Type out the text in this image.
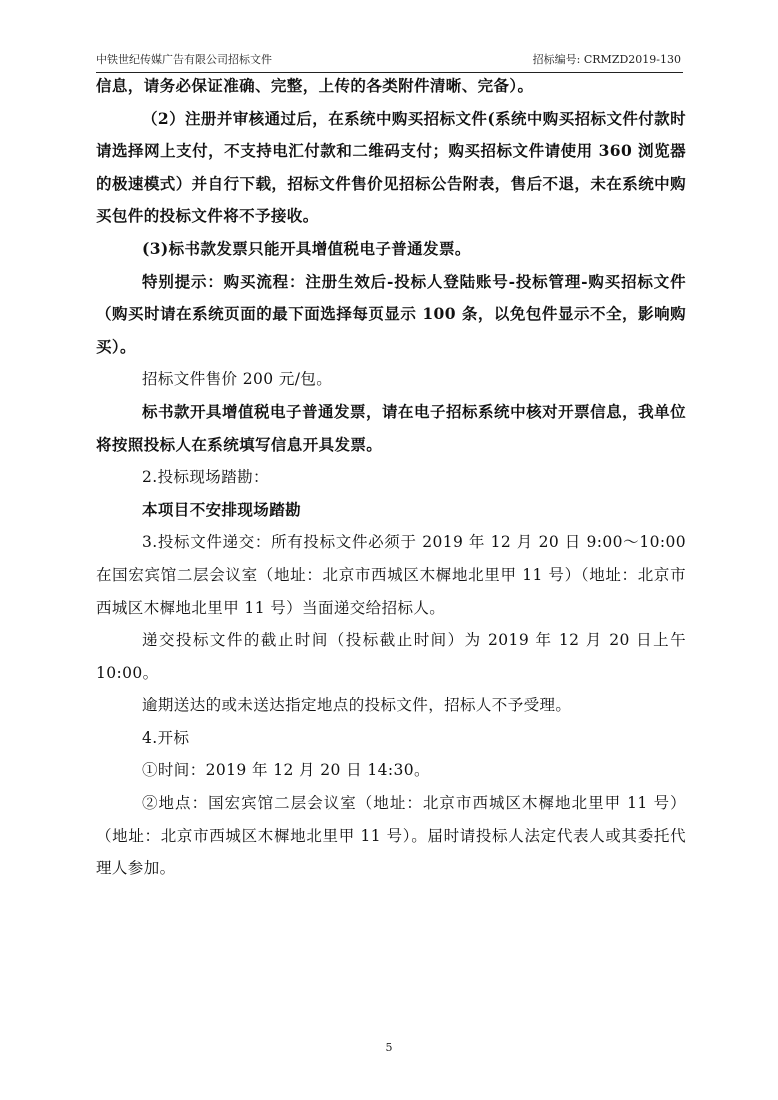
中铁世纪传媒广告有限公司招标文件	招标编号: CRMZD2019-130

信息，请务必保证准确、完整，上传的各类附件清晰、完备）。

（2）注册并审核通过后，在系统中购买招标文件(系统中购买招标文件付款时请选择网上支付，不支持电汇付款和二维码支付；购买招标文件请使用 360 浏览器的极速模式）并自行下载，招标文件售价见招标公告附表，售后不退，未在系统中购买包件的投标文件将不予接收。

(3)标书款发票只能开具增值税电子普通发票。

特别提示：购买流程：注册生效后-投标人登陆账号-投标管理-购买招标文件（购买时请在系统页面的最下面选择每页显示 100 条，以免包件显示不全，影响购买）。

招标文件售价 200 元/包。

标书款开具增值税电子普通发票，请在电子招标系统中核对开票信息，我单位将按照投标人在系统填写信息开具发票。

2.投标现场踏勘：

本项目不安排现场踏勘

3.投标文件递交：所有投标文件必须于 2019 年 12 月 20 日 9:00～10:00 在国宏宾馆二层会议室（地址：北京市西城区木樨地北里甲 11 号）（地址：北京市西城区木樨地北里甲 11 号）当面递交给招标人。

递交投标文件的截止时间（投标截止时间）为 2019 年 12 月 20 日上午 10:00。

逾期送达的或未送达指定地点的投标文件，招标人不予受理。

4.开标

①时间：2019 年 12 月 20 日 14:30。

②地点：国宏宾馆二层会议室（地址：北京市西城区木樨地北里甲 11 号）（地址：北京市西城区木樨地北里甲 11 号）。届时请投标人法定代表人或其委托代理人参加。

5
